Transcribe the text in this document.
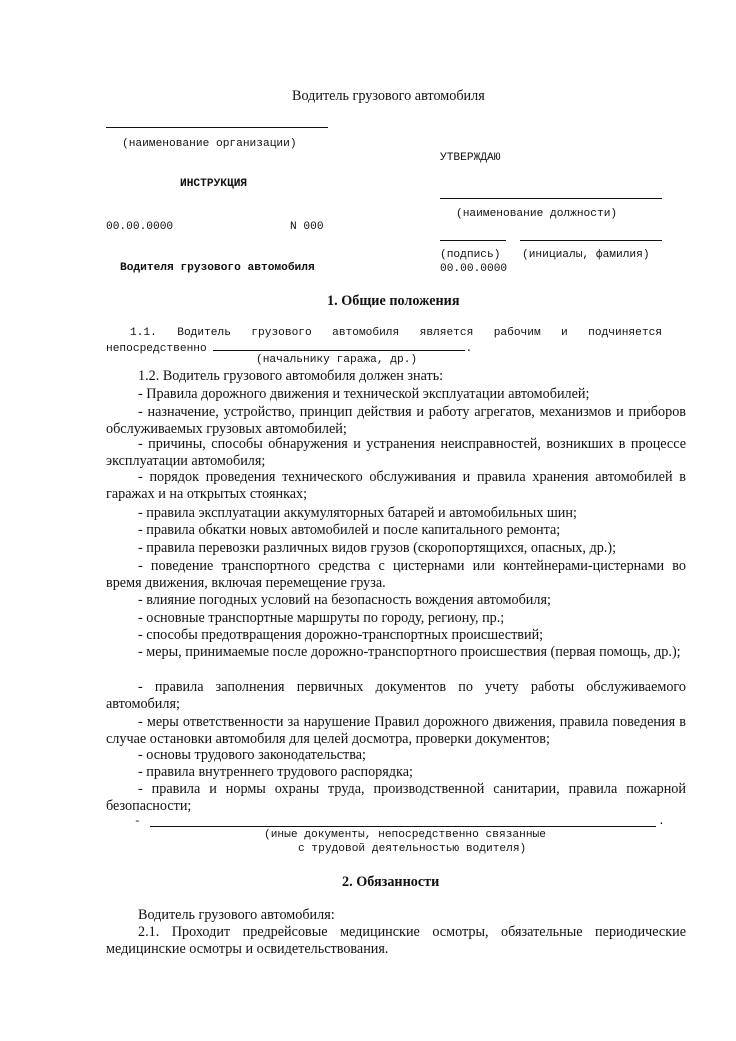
Водитель грузового автомобиля
(наименование организации)
УТВЕРЖДАЮ
ИНСТРУКЦИЯ
(наименование должности)
00.00.0000	N 000
(подпись) (инициалы, фамилия)
Водителя грузового автомобиля	00.00.0000
1. Общие положения
1.1. Водитель грузового автомобиля является рабочим и подчиняется
непосредственно	.
(начальнику гаража, др.)
1.2. Водитель грузового автомобиля должен знать:
- Правила дорожного движения и технической эксплуатации автомобилей;
- назначение, устройство, принцип действия и работу агрегатов, механизмов и приборов обслуживаемых грузовых автомобилей;
- причины, способы обнаружения и устранения неисправностей, возникших в процессе эксплуатации автомобиля;
- порядок проведения технического обслуживания и правила хранения автомобилей в гаражах и на открытых стоянках;
- правила эксплуатации аккумуляторных батарей и автомобильных шин;
- правила обкатки новых автомобилей и после капитального ремонта;
- правила перевозки различных видов грузов (скоропортящихся, опасных, др.);
- поведение транспортного средства с цистернами или контейнерами-цистернами во время движения, включая перемещение груза.
- влияние погодных условий на безопасность вождения автомобиля;
- основные транспортные маршруты по городу, региону, пр.;
- способы предотвращения дорожно-транспортных происшествий;
- меры, принимаемые после дорожно-транспортного происшествия (первая помощь, др.);
- правила заполнения первичных документов по учету работы обслуживаемого автомобиля;
- меры ответственности за нарушение Правил дорожного движения, правила поведения в случае остановки автомобиля для целей досмотра, проверки документов;
- основы трудового законодательства;
- правила внутреннего трудового распорядка;
- правила и нормы охраны труда, производственной санитарии, правила пожарной безопасности;
-	.
(иные документы, непосредственно связанные
с трудовой деятельностью водителя)
2. Обязанности
Водитель грузового автомобиля:
2.1. Проходит предрейсовые медицинские осмотры, обязательные периодические медицинские осмотры и освидетельствования.
